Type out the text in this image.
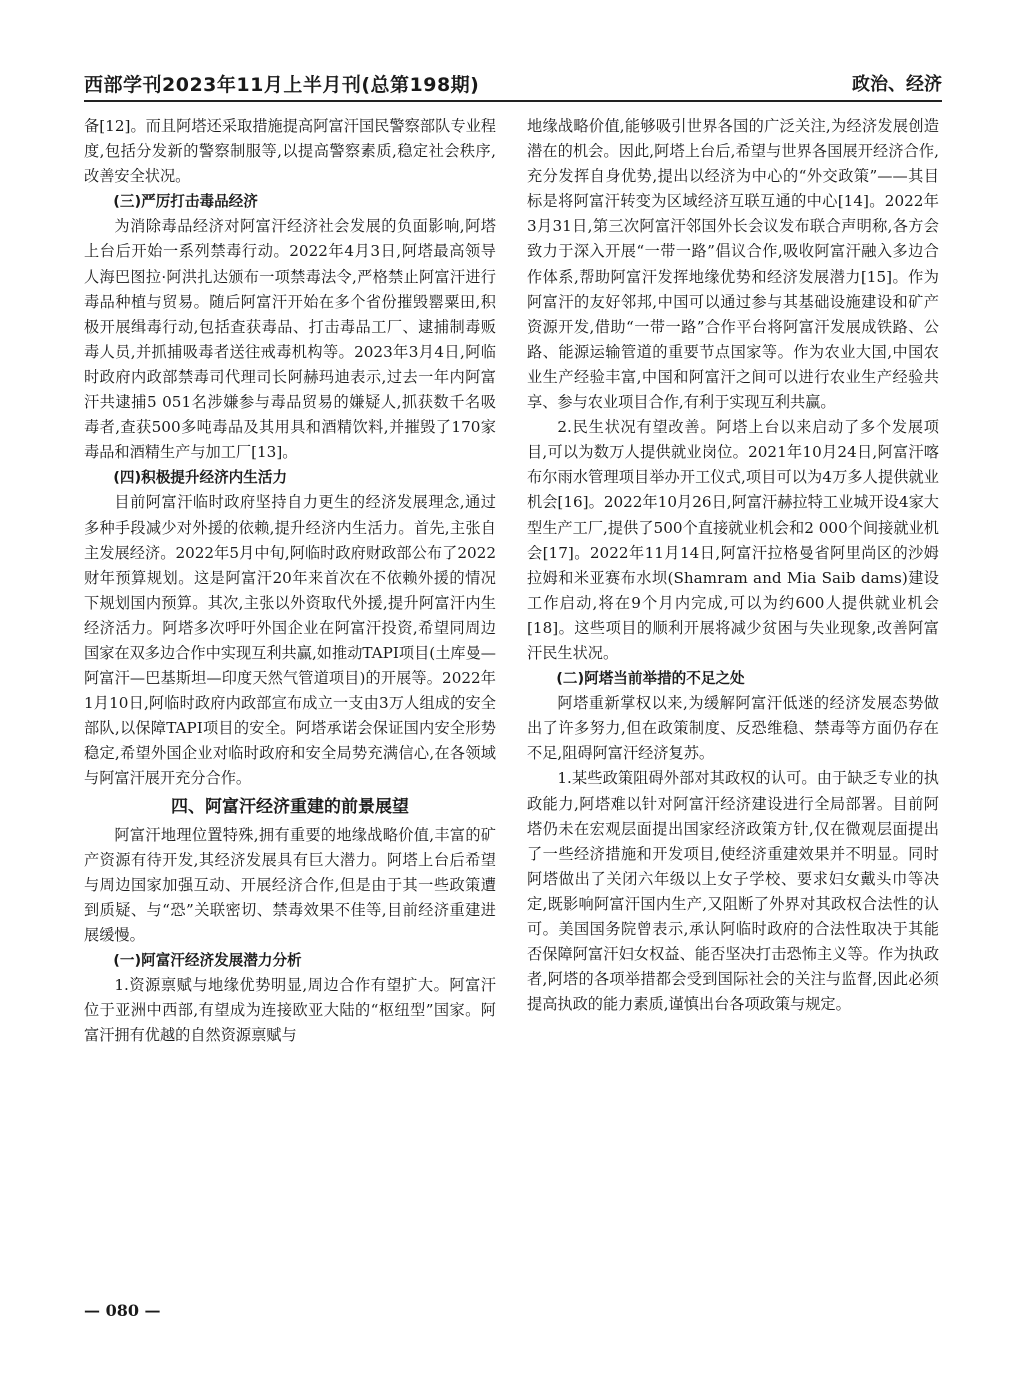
西部学刊2023年11月上半月刊(总第198期)	政治、经济

备[12]。而且阿塔还采取措施提高阿富汗国民警察部队专业程度,包括分发新的警察制服等,以提高警察素质,稳定社会秩序,改善安全状况。

(三)严厉打击毒品经济

为消除毒品经济对阿富汗经济社会发展的负面影响,阿塔上台后开始一系列禁毒行动。2022年4月3日,阿塔最高领导人海巴图拉·阿洪扎达颁布一项禁毒法令,严格禁止阿富汗进行毒品种植与贸易。随后阿富汗开始在多个省份摧毁罂粟田,积极开展缉毒行动,包括查获毒品、打击毒品工厂、逮捕制毒贩毒人员,并抓捕吸毒者送往戒毒机构等。2023年3月4日,阿临时政府内政部禁毒司代理司长阿赫玛迪表示,过去一年内阿富汗共逮捕5 051名涉嫌参与毒品贸易的嫌疑人,抓获数千名吸毒者,查获500多吨毒品及其用具和酒精饮料,并摧毁了170家毒品和酒精生产与加工厂[13]。

(四)积极提升经济内生活力

目前阿富汗临时政府坚持自力更生的经济发展理念,通过多种手段减少对外援的依赖,提升经济内生活力。首先,主张自主发展经济。2022年5月中旬,阿临时政府财政部公布了2022财年预算规划。这是阿富汗20年来首次在不依赖外援的情况下规划国内预算。其次,主张以外资取代外援,提升阿富汗内生经济活力。阿塔多次呼吁外国企业在阿富汗投资,希望同周边国家在双多边合作中实现互利共赢,如推动TAPI项目(土库曼—阿富汗—巴基斯坦—印度天然气管道项目)的开展等。2022年1月10日,阿临时政府内政部宣布成立一支由3万人组成的安全部队,以保障TAPI项目的安全。阿塔承诺会保证国内安全形势稳定,希望外国企业对临时政府和安全局势充满信心,在各领域与阿富汗展开充分合作。

四、阿富汗经济重建的前景展望

阿富汗地理位置特殊,拥有重要的地缘战略价值,丰富的矿产资源有待开发,其经济发展具有巨大潜力。阿塔上台后希望与周边国家加强互动、开展经济合作,但是由于其一些政策遭到质疑、与“恐”关联密切、禁毒效果不佳等,目前经济重建进展缓慢。

(一)阿富汗经济发展潜力分析

1.资源禀赋与地缘优势明显,周边合作有望扩大。阿富汗位于亚洲中西部,有望成为连接欧亚大陆的“枢纽型”国家。阿富汗拥有优越的自然资源禀赋与

地缘战略价值,能够吸引世界各国的广泛关注,为经济发展创造潜在的机会。因此,阿塔上台后,希望与世界各国展开经济合作,充分发挥自身优势,提出以经济为中心的“外交政策”——其目标是将阿富汗转变为区域经济互联互通的中心[14]。2022年3月31日,第三次阿富汗邻国外长会议发布联合声明称,各方会致力于深入开展“一带一路”倡议合作,吸收阿富汗融入多边合作体系,帮助阿富汗发挥地缘优势和经济发展潜力[15]。作为阿富汗的友好邻邦,中国可以通过参与其基础设施建设和矿产资源开发,借助“一带一路”合作平台将阿富汗发展成铁路、公路、能源运输管道的重要节点国家等。作为农业大国,中国农业生产经验丰富,中国和阿富汗之间可以进行农业生产经验共享、参与农业项目合作,有利于实现互利共赢。

2.民生状况有望改善。阿塔上台以来启动了多个发展项目,可以为数万人提供就业岗位。2021年10月24日,阿富汗喀布尔雨水管理项目举办开工仪式,项目可以为4万多人提供就业机会[16]。2022年10月26日,阿富汗赫拉特工业城开设4家大型生产工厂,提供了500个直接就业机会和2 000个间接就业机会[17]。2022年11月14日,阿富汗拉格曼省阿里尚区的沙姆拉姆和米亚赛布水坝(Shamram and Mia Saib dams)建设工作启动,将在9个月内完成,可以为约600人提供就业机会[18]。这些项目的顺利开展将减少贫困与失业现象,改善阿富汗民生状况。

(二)阿塔当前举措的不足之处

阿塔重新掌权以来,为缓解阿富汗低迷的经济发展态势做出了许多努力,但在政策制度、反恐维稳、禁毒等方面仍存在不足,阻碍阿富汗经济复苏。

1.某些政策阻碍外部对其政权的认可。由于缺乏专业的执政能力,阿塔难以针对阿富汗经济建设进行全局部署。目前阿塔仍未在宏观层面提出国家经济政策方针,仅在微观层面提出了一些经济措施和开发项目,使经济重建效果并不明显。同时阿塔做出了关闭六年级以上女子学校、要求妇女戴头巾等决定,既影响阿富汗国内生产,又阻断了外界对其政权合法性的认可。美国国务院曾表示,承认阿临时政府的合法性取决于其能否保障阿富汗妇女权益、能否坚决打击恐怖主义等。作为执政者,阿塔的各项举措都会受到国际社会的关注与监督,因此必须提高执政的能力素质,谨慎出台各项政策与规定。

— 080 —
